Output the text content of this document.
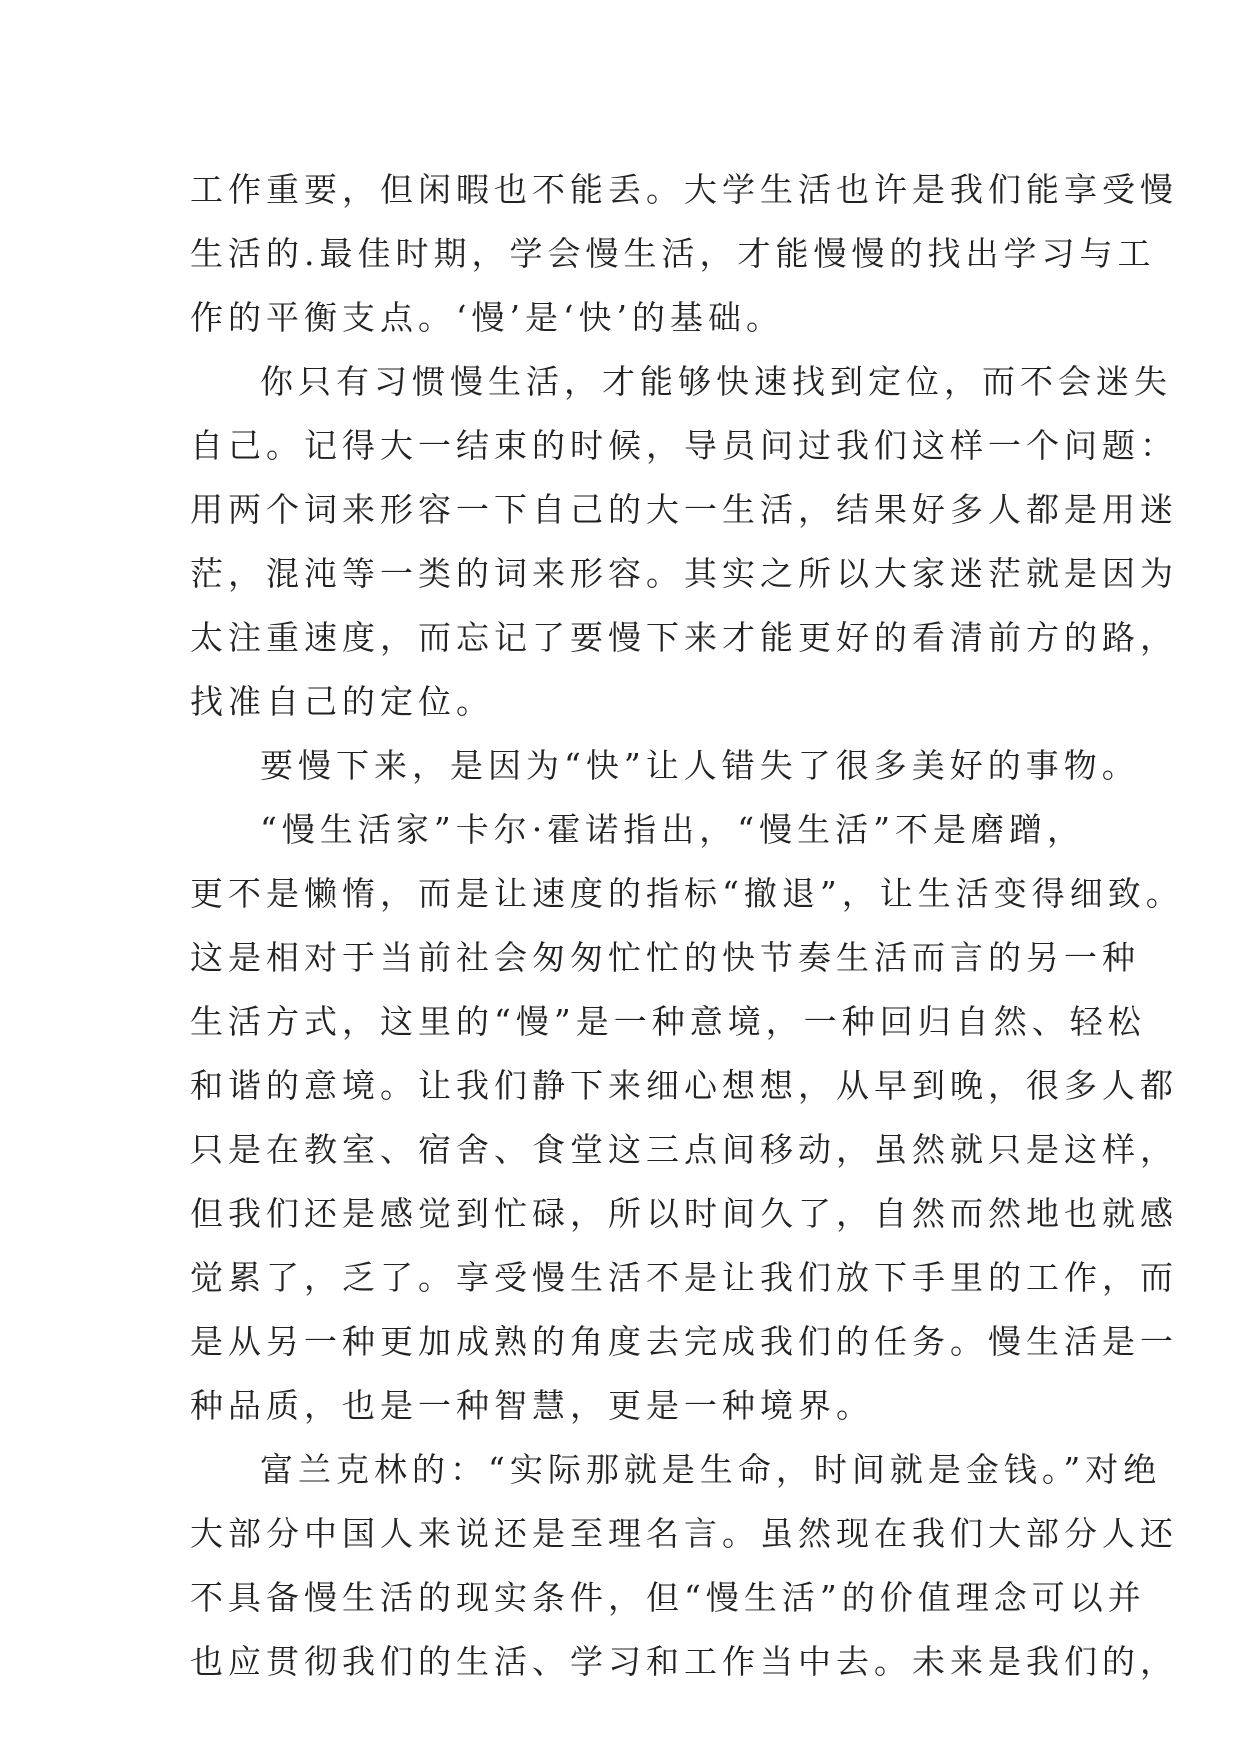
工作重要，但闲暇也不能丢。大学生活也许是我们能享受慢
生活的.最佳时期，学会慢生活，才能慢慢的找出学习与工
作的平衡支点。‘慢’是‘快’的基础。
你只有习惯慢生活，才能够快速找到定位，而不会迷失
自己。记得大一结束的时候，导员问过我们这样一个问题：
用两个词来形容一下自己的大一生活，结果好多人都是用迷
茫，混沌等一类的词来形容。其实之所以大家迷茫就是因为
太注重速度，而忘记了要慢下来才能更好的看清前方的路，
找准自己的定位。
要慢下来，是因为“快”让人错失了很多美好的事物。
“慢生活家”卡尔·霍诺指出，“慢生活”不是磨蹭，
更不是懒惰，而是让速度的指标“撤退”，让生活变得细致。
这是相对于当前社会匆匆忙忙的快节奏生活而言的另一种
生活方式，这里的“慢”是一种意境，一种回归自然、轻松
和谐的意境。让我们静下来细心想想，从早到晚，很多人都
只是在教室、宿舍、食堂这三点间移动，虽然就只是这样，
但我们还是感觉到忙碌，所以时间久了，自然而然地也就感
觉累了，乏了。享受慢生活不是让我们放下手里的工作，而
是从另一种更加成熟的角度去完成我们的任务。慢生活是一
种品质，也是一种智慧，更是一种境界。
富兰克林的：“实际那就是生命，时间就是金钱。”对绝
大部分中国人来说还是至理名言。虽然现在我们大部分人还
不具备慢生活的现实条件，但“慢生活”的价值理念可以并
也应贯彻我们的生活、学习和工作当中去。未来是我们的，
